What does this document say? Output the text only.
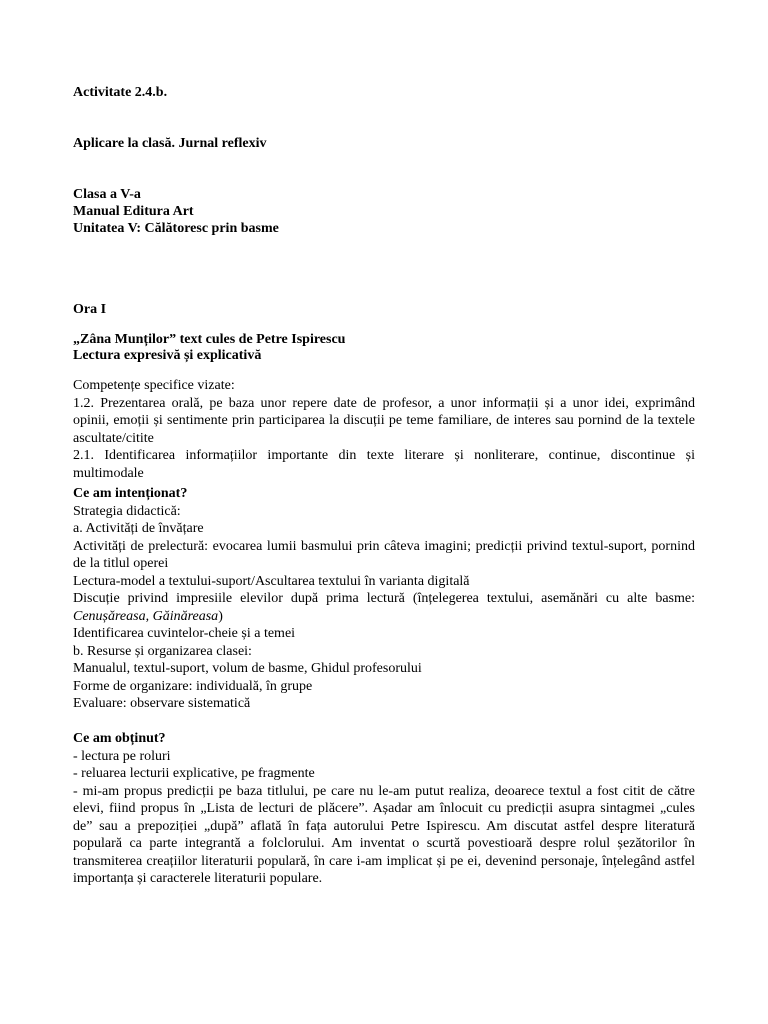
Activitate 2.4.b.
Aplicare la clasă. Jurnal reflexiv
Clasa a V-a
Manual Editura Art
Unitatea V: Călătoresc prin basme
Ora I
„Zâna Munților” text cules de Petre Ispirescu
Lectura expresivă și explicativă
Competențe specifice vizate:
1.2. Prezentarea orală, pe baza unor repere date de profesor, a unor informații și a unor idei, exprimând
opinii, emoții și sentimente prin participarea la discuții pe teme familiare, de interes sau pornind de la textele
ascultate/citite
2.1. Identificarea informațiilor importante din texte literare și nonliterare, continue, discontinue și
multimodale
Ce am intenționat?
Strategia didactică:
a. Activități de învățare
Activități de prelectură: evocarea lumii basmului prin câteva imagini; predicții privind textul-suport, pornind
de la titlul operei
Lectura-model a textului-suport/Ascultarea textului în varianta digitală
Discuție privind impresiile elevilor după prima lectură (înțelegerea textului, asemănări cu alte basme:
Cenușăreasa, Găinăreasa)
Identificarea cuvintelor-cheie și a temei
b. Resurse și organizarea clasei:
Manualul, textul-suport, volum de basme, Ghidul profesorului
Forme de organizare: individuală, în grupe
Evaluare: observare sistematică
Ce am obținut?
- lectura pe roluri
- reluarea lecturii explicative, pe fragmente
- mi-am propus predicții pe baza titlului, pe care nu le-am putut realiza, deoarece textul a fost citit de către
elevi, fiind propus în „Lista de lecturi de plăcere”. Așadar am înlocuit cu predicții asupra sintagmei „cules
de” sau a prepoziției „după” aflată în fața autorului Petre Ispirescu. Am discutat astfel despre literatură
populară ca parte integrantă a folclorului. Am inventat o scurtă povestioară despre rolul șezătorilor în
transmiterea creațiilor literaturii populară, în care i-am implicat și pe ei, devenind personaje, înțelegând astfel
importanța și caracterele literaturii populare.
